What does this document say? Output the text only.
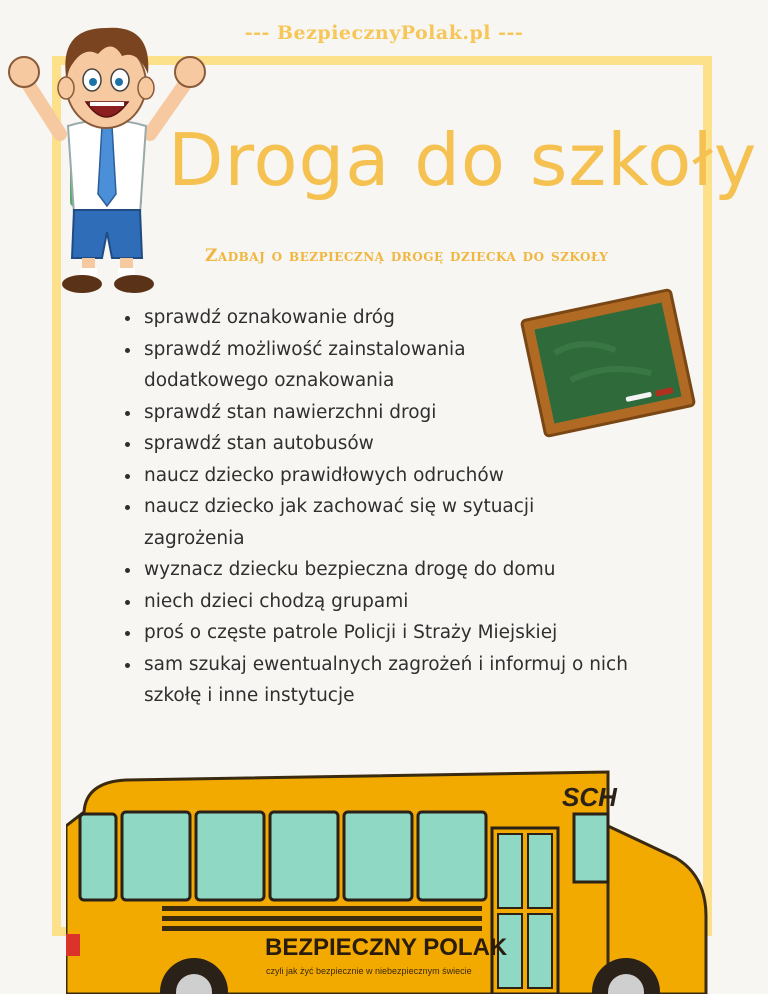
--- BezpiecznyPolak.pl ---
Droga do szkoły
Zadbaj o bezpieczną drogę dziecka do szkoły
• sprawdź oznakowanie dróg
• sprawdź możliwość zainstalowania dodatkowego oznakowania
• sprawdź stan nawierzchni drogi
• sprawdź stan autobusów
• naucz dziecko prawidłowych odruchów
• naucz dziecko jak zachować się w sytuacji zagrożenia
• wyznacz dziecku bezpieczna drogę do domu
• niech dzieci chodzą grupami
• proś o częste patrole Policji i Straży Miejskiej
• sam szukaj ewentualnych zagrożeń i informuj o nich szkołę i inne instytucje
SCH
BEZPIECZNY POLAK
czyli jak żyć bezpiecznie w niebezpiecznym świecie
